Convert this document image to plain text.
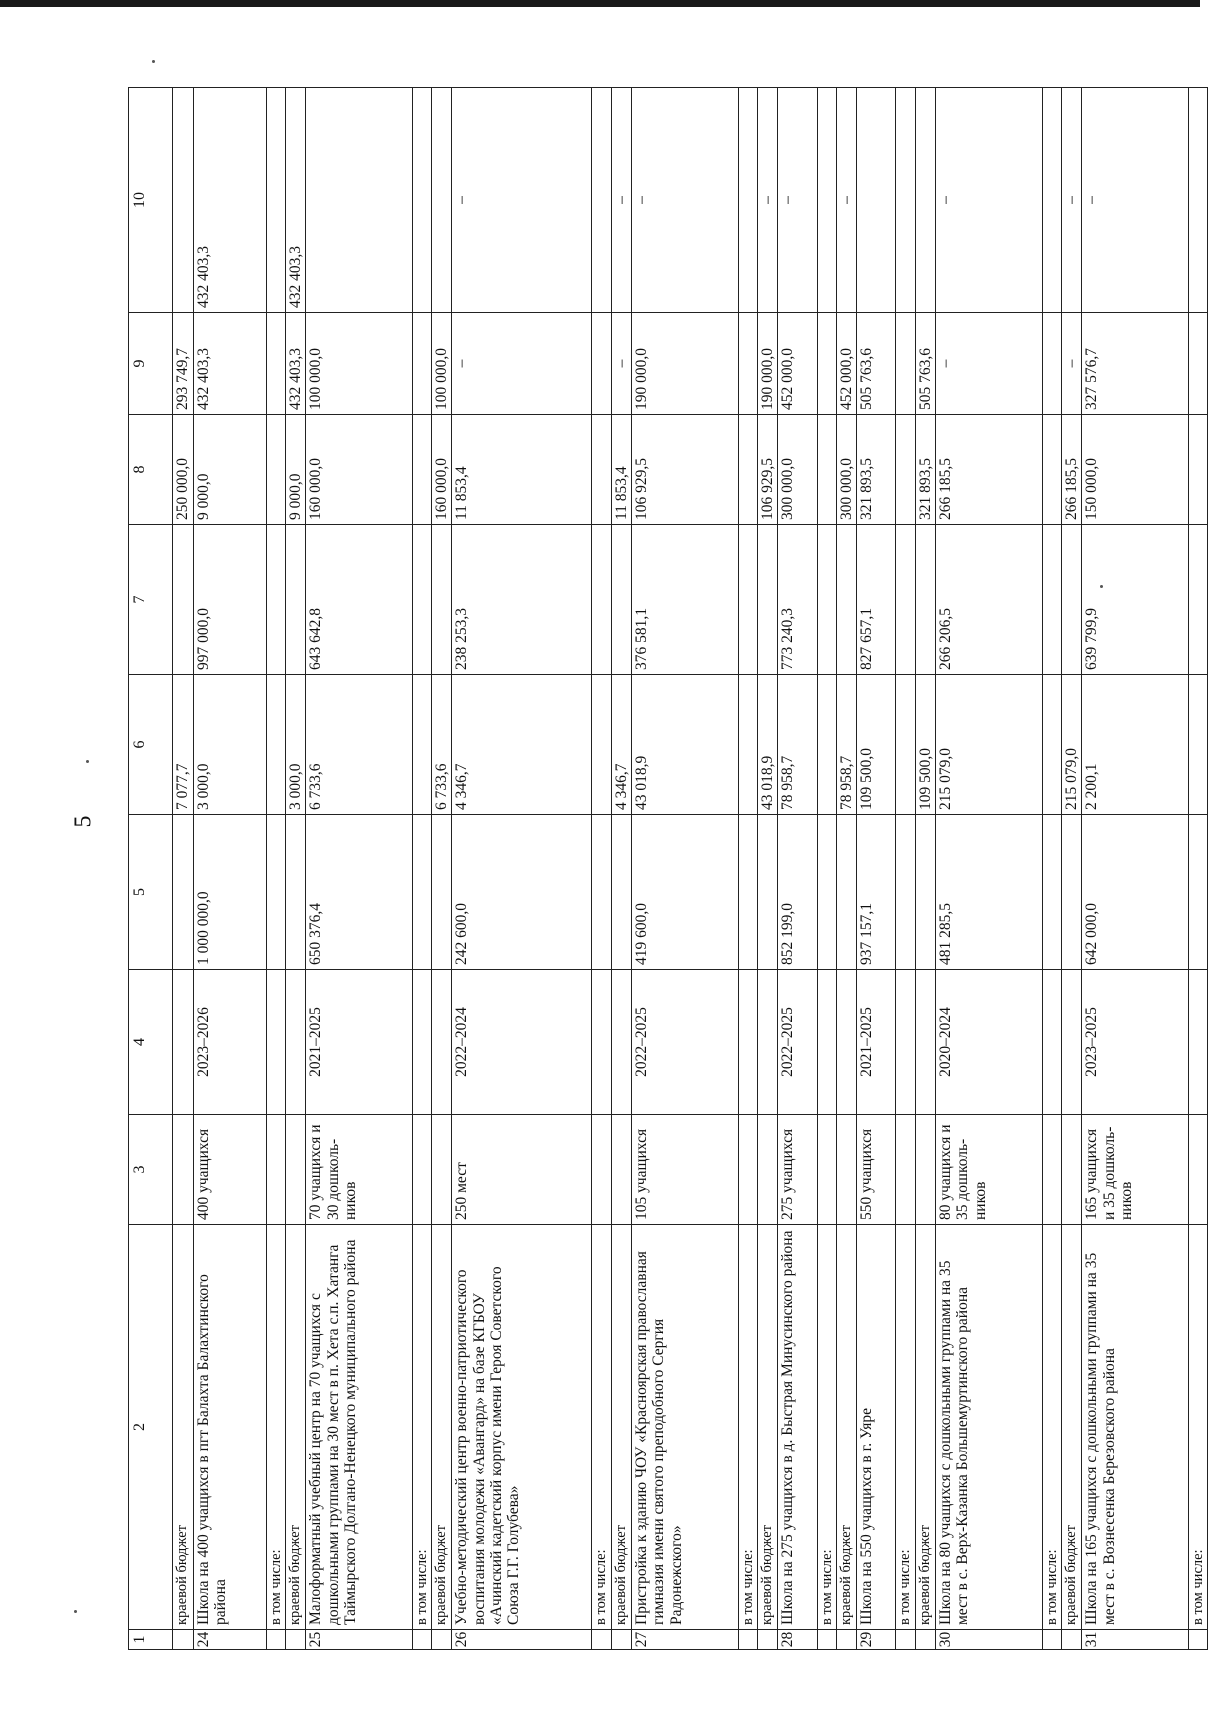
5
1	2	3	4	5	6	7	8	9	10
	краевой бюджет				7 077,7		250 000,0	293 749,7	
24	Школа на 400 учащихся в пгт Балахта Балахтинского района	400 учащихся	2023–2026	1 000 000,0	3 000,0	997 000,0	9 000,0	432 403,3	432 403,3
	в том числе:								
	краевой бюджет				3 000,0		9 000,0	432 403,3	432 403,3
25	Малоформатный учебный центр на 70 учащихся с дошкольными группами на 30 мест в п. Хета с.п. Хатанга Таймырского Долгано-Ненецкого муниципального района	70 учащихся и 30 дошколь-ников	2021–2025	650 376,4	6 733,6	643 642,8	160 000,0	100 000,0	
	в том числе:								
	краевой бюджет				6 733,6		160 000,0	100 000,0	
26	Учебно-методический центр военно-патриотического воспитания молодежи «Авангард» на базе КГБОУ «Ачинский кадетский корпус имени Героя Советского Союза Г.Г. Голубева»	250 мест	2022–2024	242 600,0	4 346,7	238 253,3	11 853,4	–	–
	в том числе:								
	краевой бюджет				4 346,7		11 853,4	–	–
27	Пристройка к зданию ЧОУ «Красноярская православная гимназия имени святого преподобного Сергия Радонежского»	105 учащихся	2022–2025	419 600,0	43 018,9	376 581,1	106 929,5	190 000,0	–
	в том числе:								
	краевой бюджет				43 018,9		106 929,5	190 000,0	–
28	Школа на 275 учащихся в д. Быстрая Минусинского района	275 учащихся	2022–2025	852 199,0	78 958,7	773 240,3	300 000,0	452 000,0	–
	в том числе:								
	краевой бюджет				78 958,7		300 000,0	452 000,0	–
29	Школа на 550 учащихся в г. Уяре	550 учащихся	2021–2025	937 157,1	109 500,0	827 657,1	321 893,5	505 763,6	
	в том числе:								
	краевой бюджет				109 500,0		321 893,5	505 763,6	
30	Школа на 80 учащихся с дошкольными группами на 35 мест в с. Верх-Казанка Большемуртинского района	80 учащихся и 35 дошколь-ников	2020–2024	481 285,5	215 079,0	266 206,5	266 185,5	–	–
	в том числе:								
	краевой бюджет				215 079,0		266 185,5	–	–
31	Школа на 165 учащихся с дошкольными группами на 35 мест в с. Вознесенка Березовского района	165 учащихся и 35 дошколь-ников	2023–2025	642 000,0	2 200,1	639 799,9	150 000,0	327 576,7	–
	в том числе:								
